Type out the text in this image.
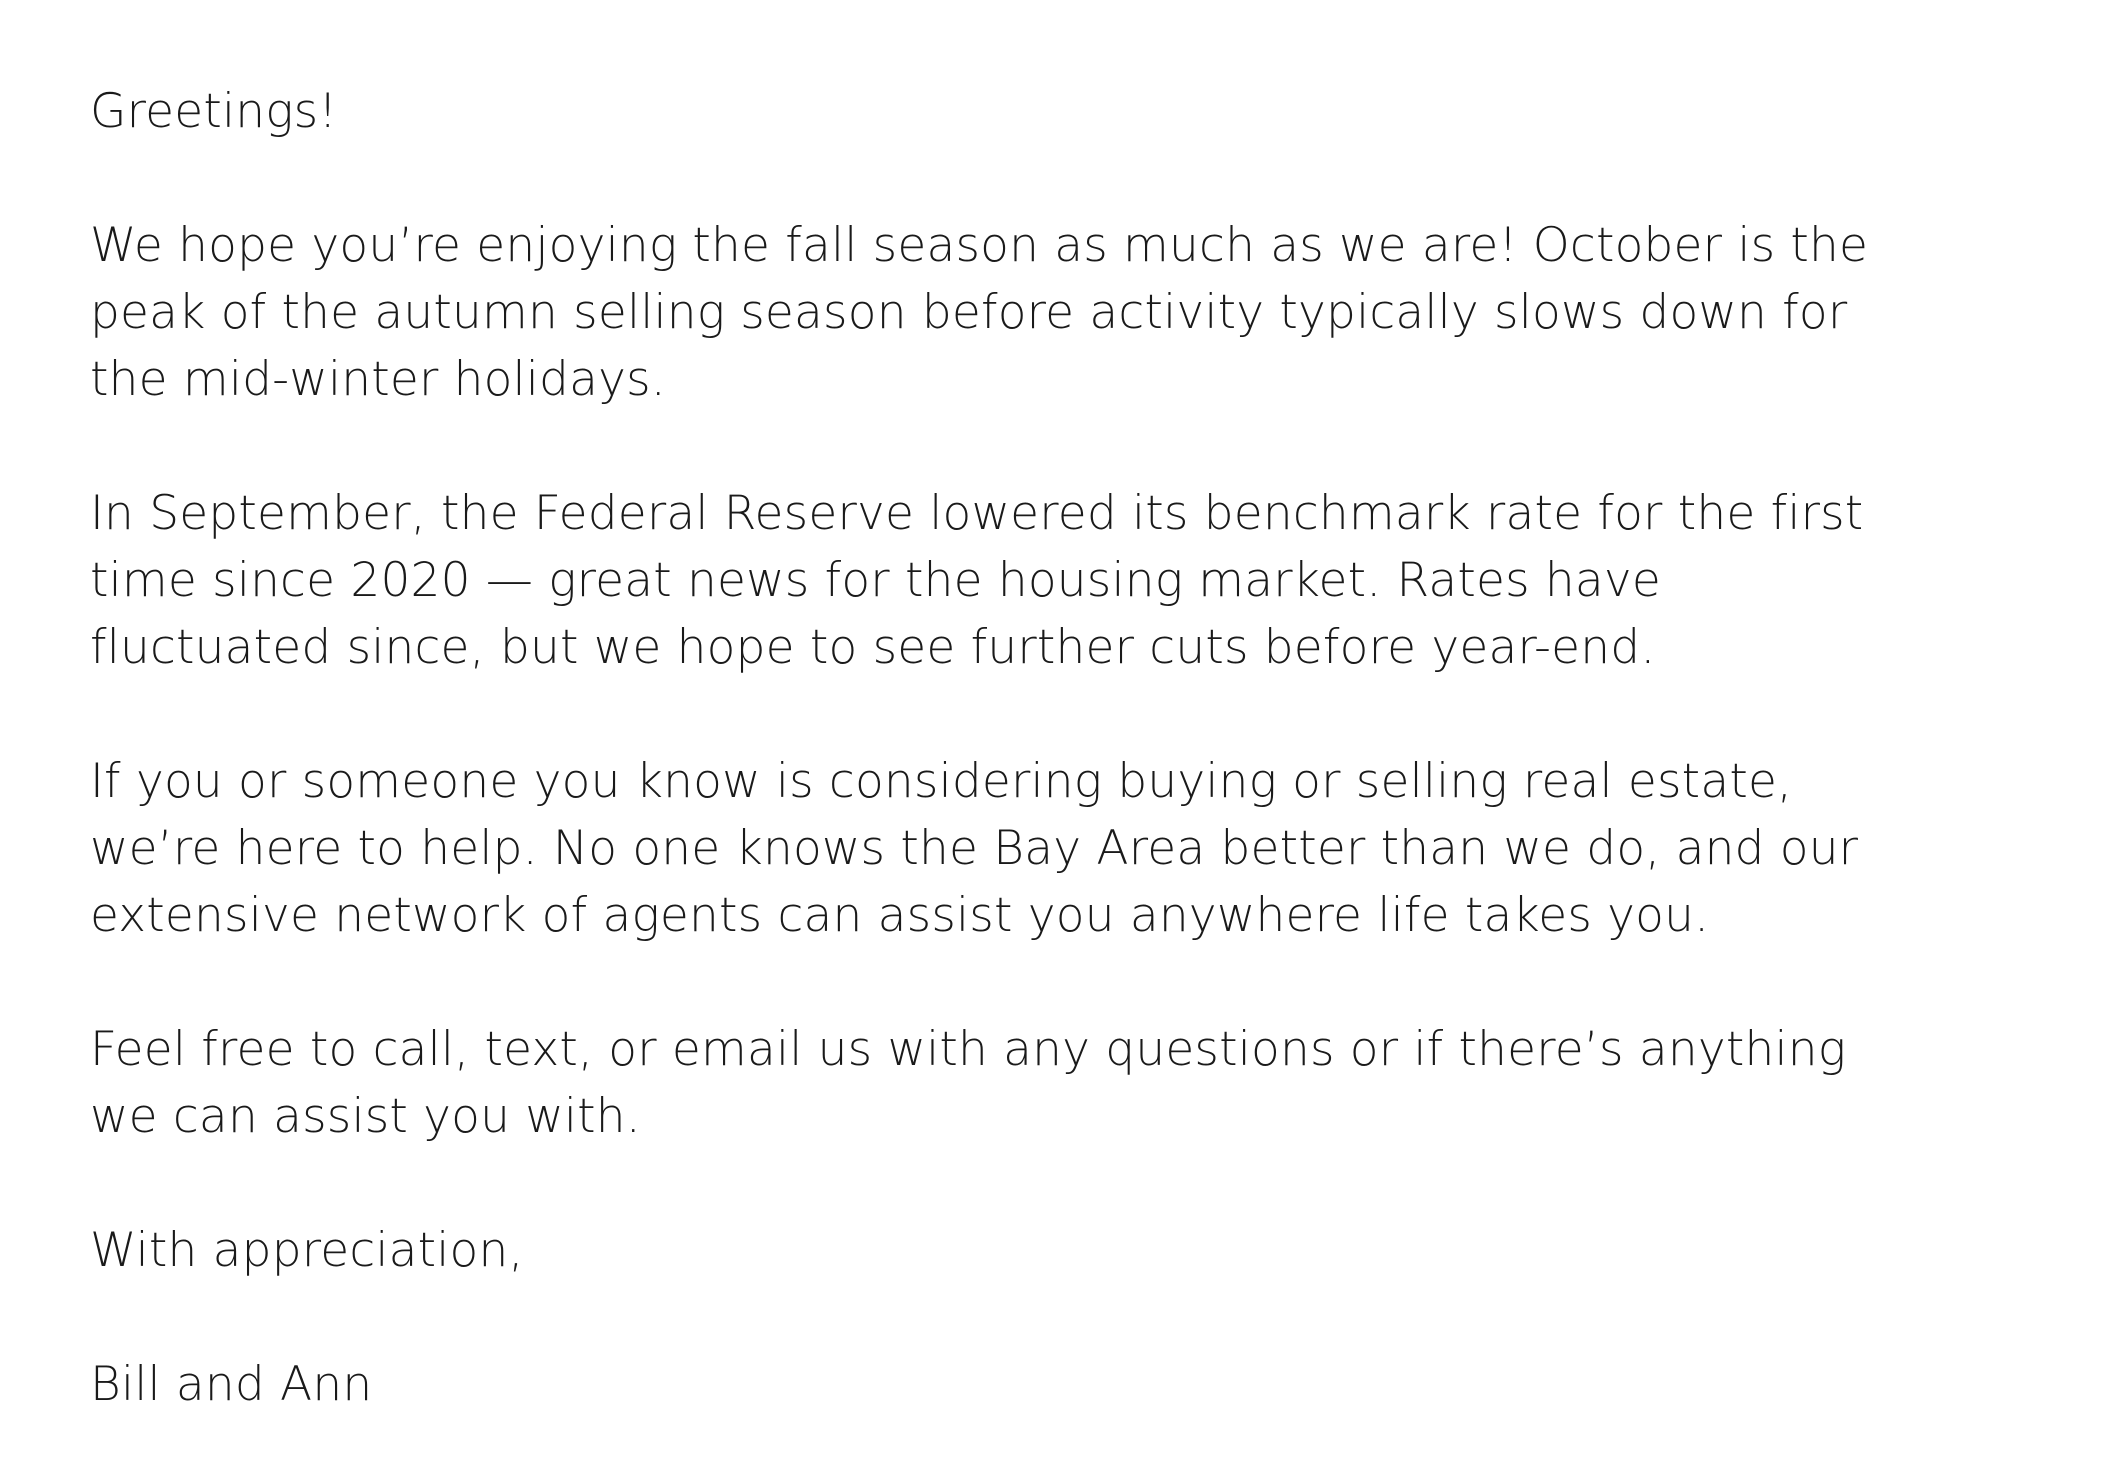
Greetings!
We hope you’re enjoying the fall season as much as we are! October is the
peak of the autumn selling season before activity typically slows down for
the mid-winter holidays.
In September, the Federal Reserve lowered its benchmark rate for the first
time since 2020 — great news for the housing market. Rates have
fluctuated since, but we hope to see further cuts before year-end.
If you or someone you know is considering buying or selling real estate,
we’re here to help. No one knows the Bay Area better than we do, and our
extensive network of agents can assist you anywhere life takes you.
Feel free to call, text, or email us with any questions or if there’s anything
we can assist you with.
With appreciation,
Bill and Ann
